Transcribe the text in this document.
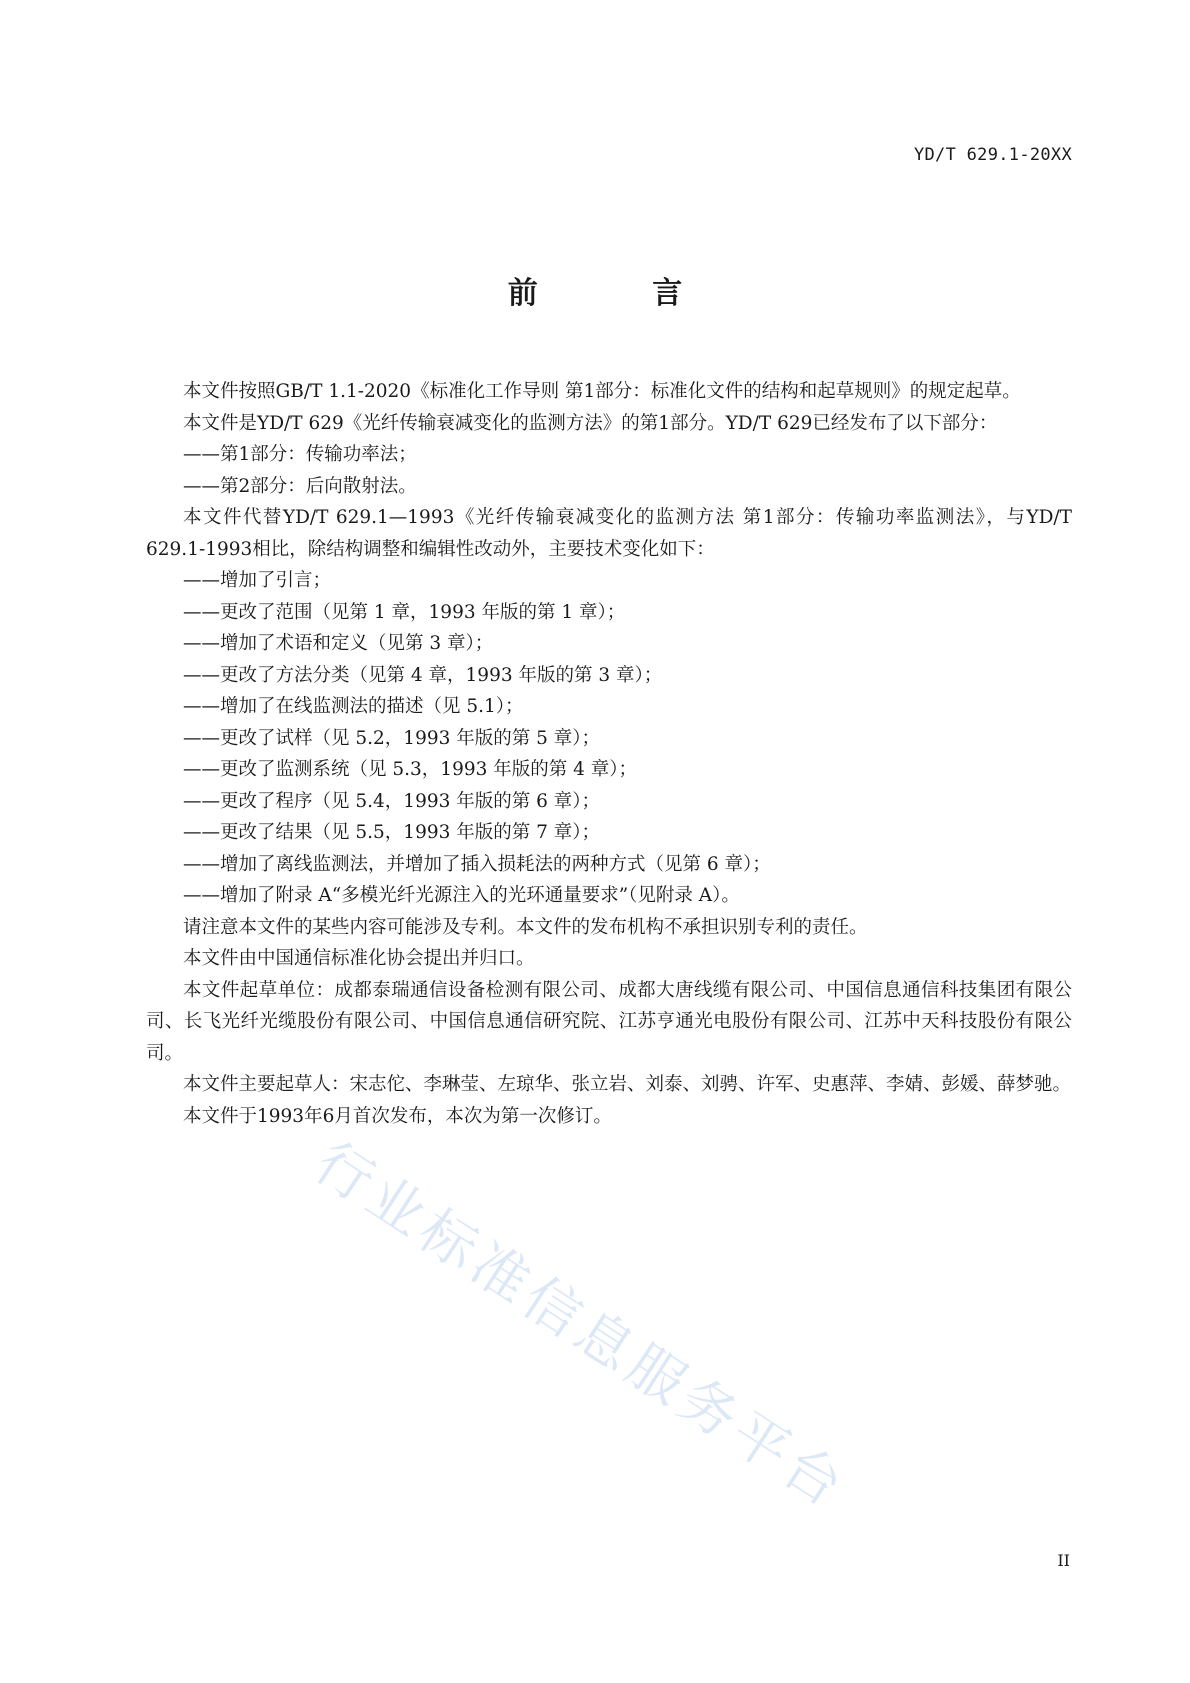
YD/T 629.1-20XX
前 言

本文件按照GB/T 1.1-2020《标准化工作导则 第1部分：标准化文件的结构和起草规则》的规定起草。

本文件是YD/T 629《光纤传输衰减变化的监测方法》的第1部分。YD/T 629已经发布了以下部分：

——第1部分：传输功率法；

——第2部分：后向散射法。

本文件代替YD/T 629.1—1993《光纤传输衰减变化的监测方法 第1部分：传输功率监测法》，与YD/T 629.1-1993相比，除结构调整和编辑性改动外，主要技术变化如下：

——增加了引言；

——更改了范围（见第 1 章，1993 年版的第 1 章）；

——增加了术语和定义（见第 3 章）；

——更改了方法分类（见第 4 章，1993 年版的第 3 章）；

——增加了在线监测法的描述（见 5.1）；

——更改了试样（见 5.2，1993 年版的第 5 章）；

——更改了监测系统（见 5.3，1993 年版的第 4 章）；

——更改了程序（见 5.4，1993 年版的第 6 章）；

——更改了结果（见 5.5，1993 年版的第 7 章）；

——增加了离线监测法，并增加了插入损耗法的两种方式（见第 6 章）；

——增加了附录 A“多模光纤光源注入的光环通量要求”（见附录 A）。

请注意本文件的某些内容可能涉及专利。本文件的发布机构不承担识别专利的责任。

本文件由中国通信标准化协会提出并归口。

本文件起草单位：成都泰瑞通信设备检测有限公司、成都大唐线缆有限公司、中国信息通信科技集团有限公司、长飞光纤光缆股份有限公司、中国信息通信研究院、江苏亨通光电股份有限公司、江苏中天科技股份有限公司。

本文件主要起草人：宋志佗、李琳莹、左琼华、张立岩、刘泰、刘骋、许军、史惠萍、李婧、彭媛、薛梦驰。

本文件于1993年6月首次发布，本次为第一次修订。

行业标准信息服务平台
II
